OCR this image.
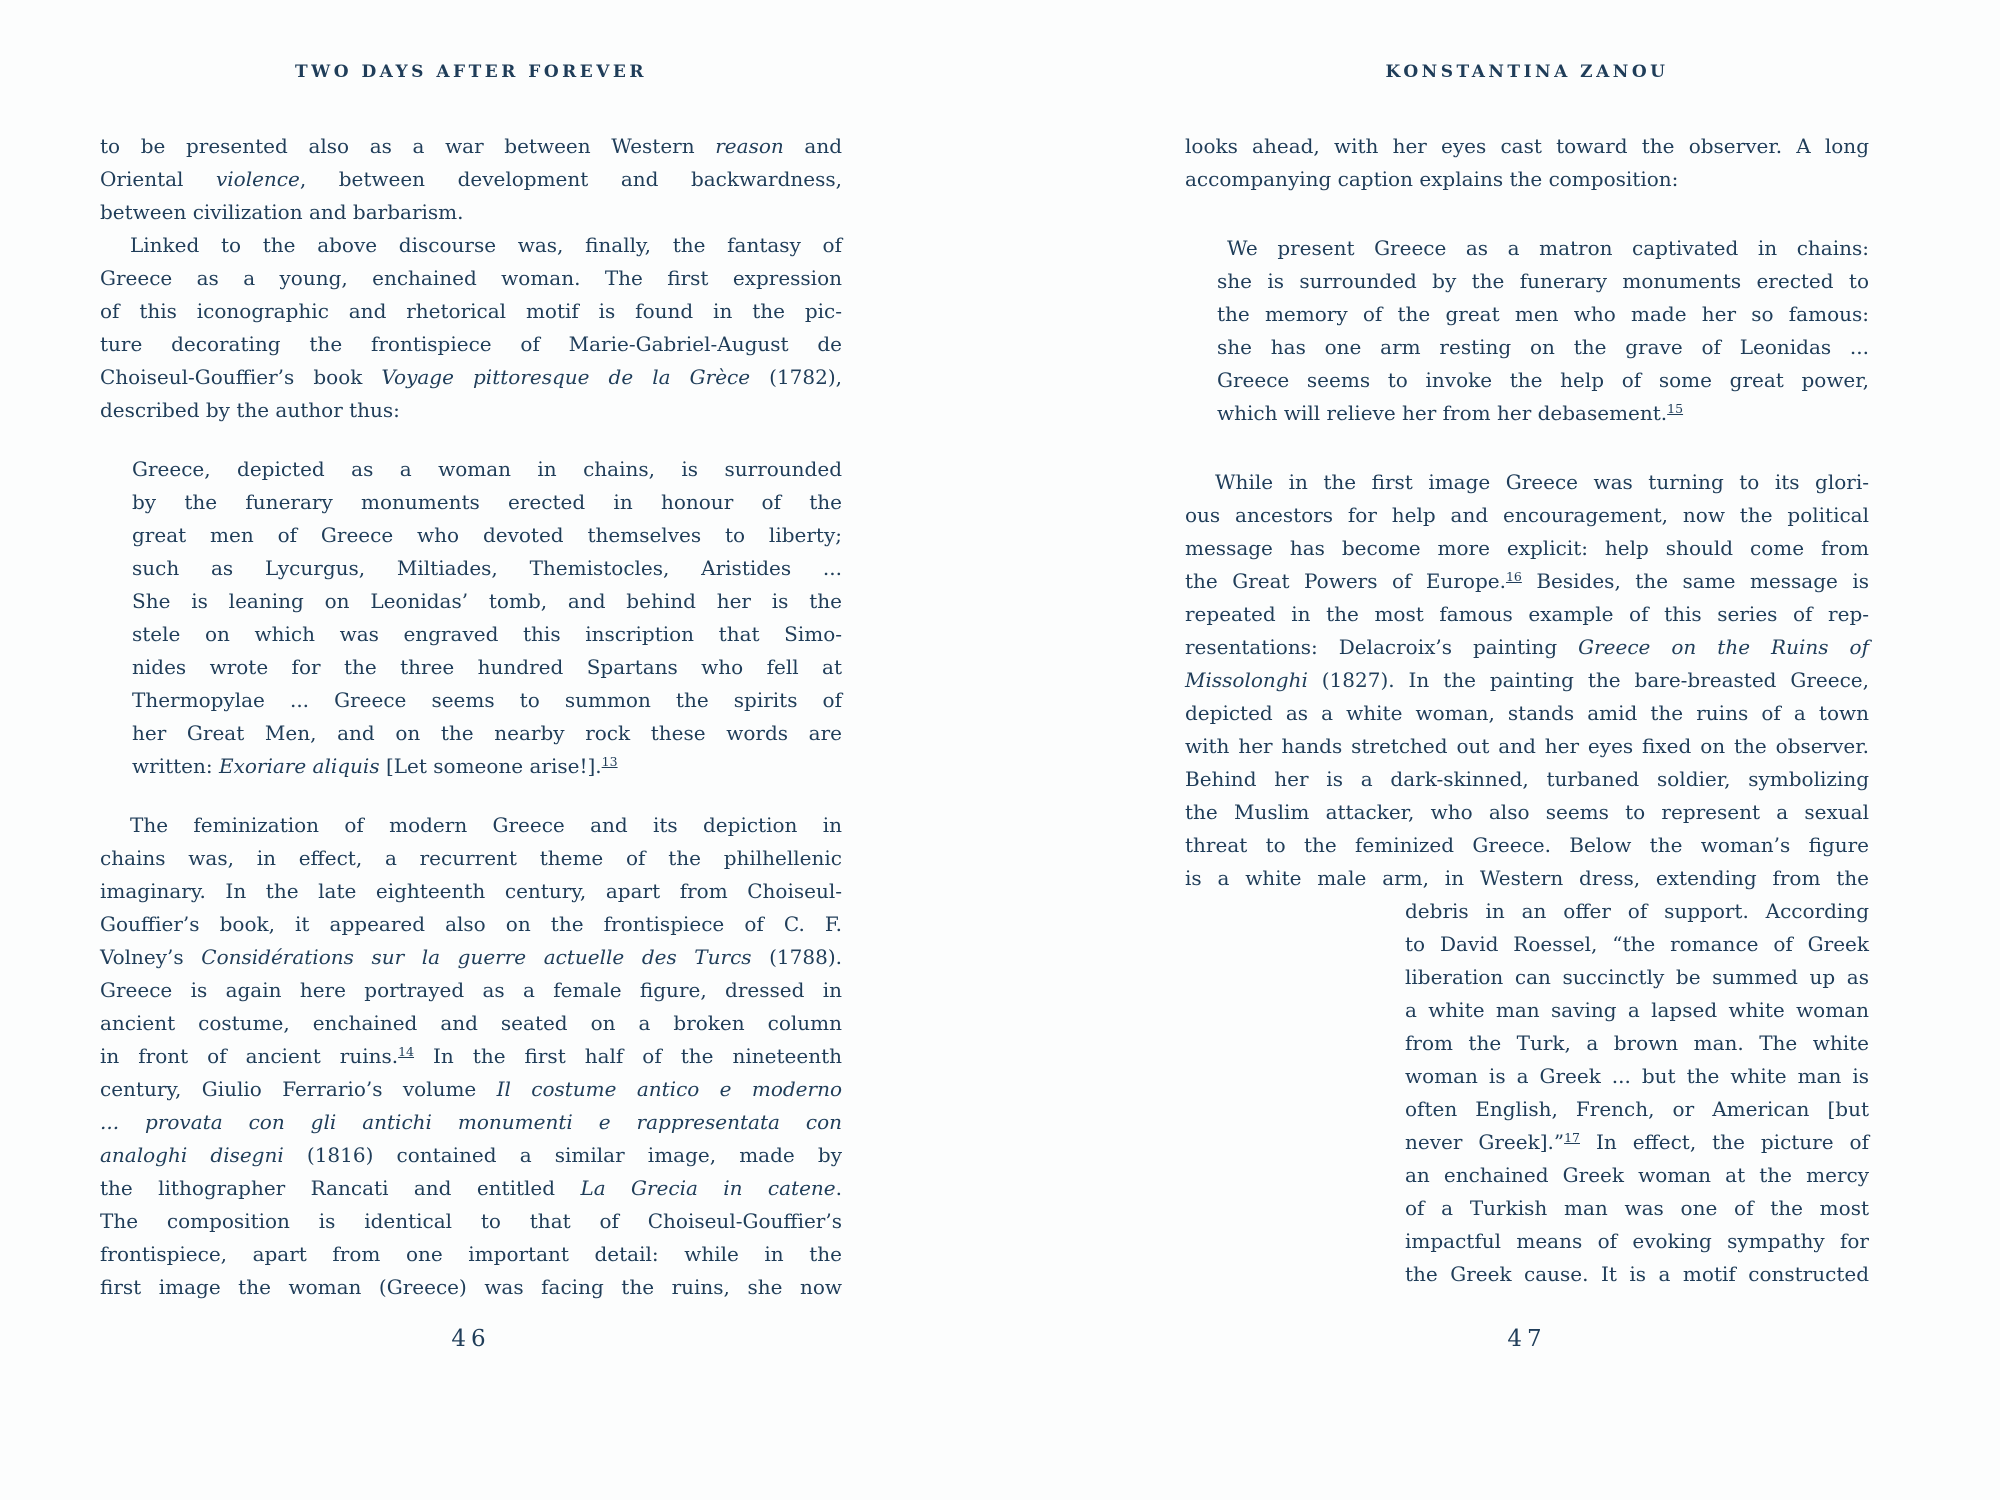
TWO DAYS AFTER FOREVER
to be presented also as a war between Western reason and
Oriental violence, between development and backwardness,
between civilization and barbarism.
Linked to the above discourse was, finally, the fantasy of
Greece as a young, enchained woman. The first expression
of this iconographic and rhetorical motif is found in the pic-
ture decorating the frontispiece of Marie-Gabriel-August de
Choiseul-Gouffier’s book Voyage pittoresque de la Grèce (1782),
described by the author thus:
Greece, depicted as a woman in chains, is surrounded
by the funerary monuments erected in honour of the
great men of Greece who devoted themselves to liberty;
such as Lycurgus, Miltiades, Themistocles, Aristides ...
She is leaning on Leonidas’ tomb, and behind her is the
stele on which was engraved this inscription that Simo-
nides wrote for the three hundred Spartans who fell at
Thermopylae ... Greece seems to summon the spirits of
her Great Men, and on the nearby rock these words are
written: Exoriare aliquis [Let someone arise!].$^{13}$
The feminization of modern Greece and its depiction in
chains was, in effect, a recurrent theme of the philhellenic
imaginary. In the late eighteenth century, apart from Choiseul-
Gouffier’s book, it appeared also on the frontispiece of C. F.
Volney’s Considérations sur la guerre actuelle des Turcs (1788).
Greece is again here portrayed as a female figure, dressed in
ancient costume, enchained and seated on a broken column
in front of ancient ruins.$^{14}$ In the first half of the nineteenth
century, Giulio Ferrario’s volume Il costume antico e moderno
... provata con gli antichi monumenti e rappresentata con
analoghi disegni (1816) contained a similar image, made by
the lithographer Rancati and entitled La Grecia in catene.
The composition is identical to that of Choiseul-Gouffier’s
frontispiece, apart from one important detail: while in the
first image the woman (Greece) was facing the ruins, she now
46
KONSTANTINA ZANOU
looks ahead, with her eyes cast toward the observer. A long
accompanying caption explains the composition:
 We present Greece as a matron captivated in chains:
she is surrounded by the funerary monuments erected to
the memory of the great men who made her so famous:
she has one arm resting on the grave of Leonidas ...
Greece seems to invoke the help of some great power,
which will relieve her from her debasement.$^{15}$
While in the first image Greece was turning to its glori-
ous ancestors for help and encouragement, now the political
message has become more explicit: help should come from
the Great Powers of Europe.$^{16}$ Besides, the same message is
repeated in the most famous example of this series of rep-
resentations: Delacroix’s painting Greece on the Ruins of
Missolonghi (1827). In the painting the bare-breasted Greece,
depicted as a white woman, stands amid the ruins of a town
with her hands stretched out and her eyes fixed on the observer.
Behind her is a dark-skinned, turbaned soldier, symbolizing
the Muslim attacker, who also seems to represent a sexual
threat to the feminized Greece. Below the woman’s figure
is a white male arm, in Western dress, extending from the
debris in an offer of support. According
to David Roessel, “the romance of Greek
liberation can succinctly be summed up as
a white man saving a lapsed white woman
from the Turk, a brown man. The white
woman is a Greek ... but the white man is
often English, French, or American [but
never Greek].”$^{17}$ In effect, the picture of
an enchained Greek woman at the mercy
of a Turkish man was one of the most
impactful means of evoking sympathy for
the Greek cause. It is a motif constructed
47
